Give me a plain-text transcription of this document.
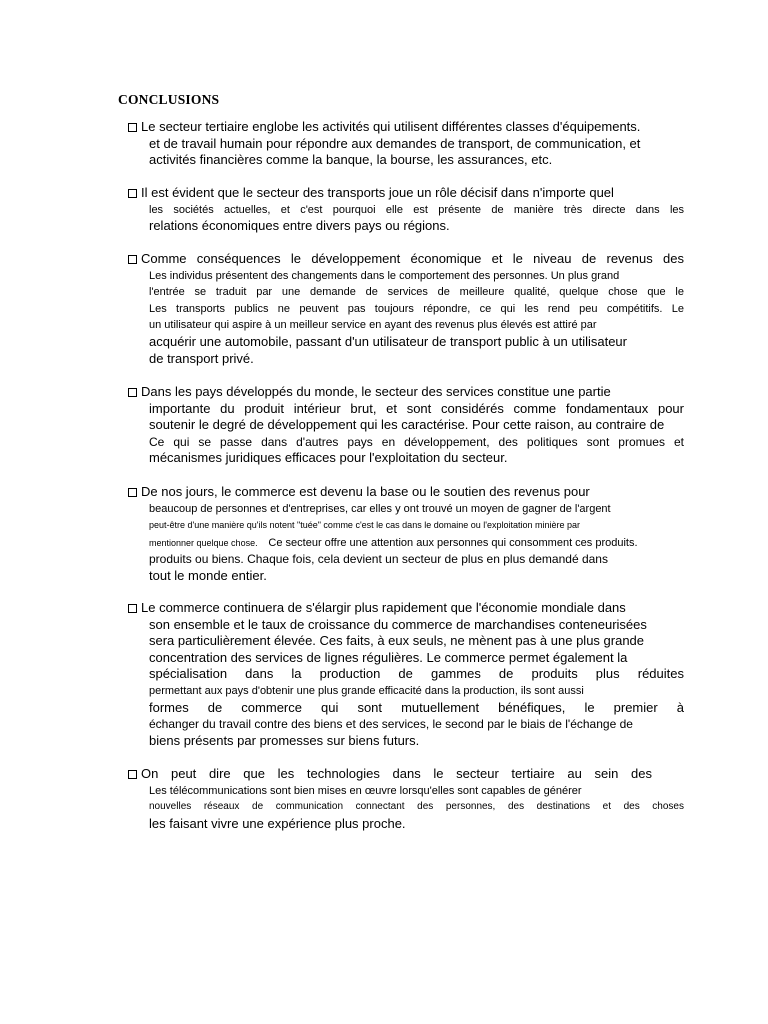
CONCLUSIONS
Le secteur tertiaire englobe les activités qui utilisent différentes classes d'équipements.
et de travail humain pour répondre aux demandes de transport, de communication, et
activités financières comme la banque, la bourse, les assurances, etc.
Il est évident que le secteur des transports joue un rôle décisif dans n'importe quel
les sociétés actuelles, et c'est pourquoi elle est présente de manière très directe dans les
relations économiques entre divers pays ou régions.
Comme conséquences le développement économique et le niveau de revenus des
Les individus présentent des changements dans le comportement des personnes. Un plus grand
l'entrée se traduit par une demande de services de meilleure qualité, quelque chose que le
Les transports publics ne peuvent pas toujours répondre, ce qui les rend peu compétitifs. Le
un utilisateur qui aspire à un meilleur service en ayant des revenus plus élevés est attiré par
acquérir une automobile, passant d'un utilisateur de transport public à un utilisateur
de transport privé.
Dans les pays développés du monde, le secteur des services constitue une partie
importante du produit intérieur brut, et sont considérés comme fondamentaux pour
soutenir le degré de développement qui les caractérise. Pour cette raison, au contraire de
Ce qui se passe dans d'autres pays en développement, des politiques sont promues et
mécanismes juridiques efficaces pour l'exploitation du secteur.
De nos jours, le commerce est devenu la base ou le soutien des revenus pour
beaucoup de personnes et d'entreprises, car elles y ont trouvé un moyen de gagner de l'argent
peut-être d'une manière qu'ils notent "tuée" comme c'est le cas dans le domaine ou l'exploitation minière par
mentionner quelque chose. Ce secteur offre une attention aux personnes qui consomment ces produits.
produits ou biens. Chaque fois, cela devient un secteur de plus en plus demandé dans
tout le monde entier.
Le commerce continuera de s'élargir plus rapidement que l'économie mondiale dans
son ensemble et le taux de croissance du commerce de marchandises conteneurisées
sera particulièrement élevée. Ces faits, à eux seuls, ne mènent pas à une plus grande
concentration des services de lignes régulières. Le commerce permet également la
spécialisation dans la production de gammes de produits plus réduites
permettant aux pays d'obtenir une plus grande efficacité dans la production, ils sont aussi
formes de commerce qui sont mutuellement bénéfiques, le premier à
échanger du travail contre des biens et des services, le second par le biais de l'échange de
biens présents par promesses sur biens futurs.
On peut dire que les technologies dans le secteur tertiaire au sein des
Les télécommunications sont bien mises en œuvre lorsqu'elles sont capables de générer
nouvelles réseaux de communication connectant des personnes, des destinations et des choses
les faisant vivre une expérience plus proche.
